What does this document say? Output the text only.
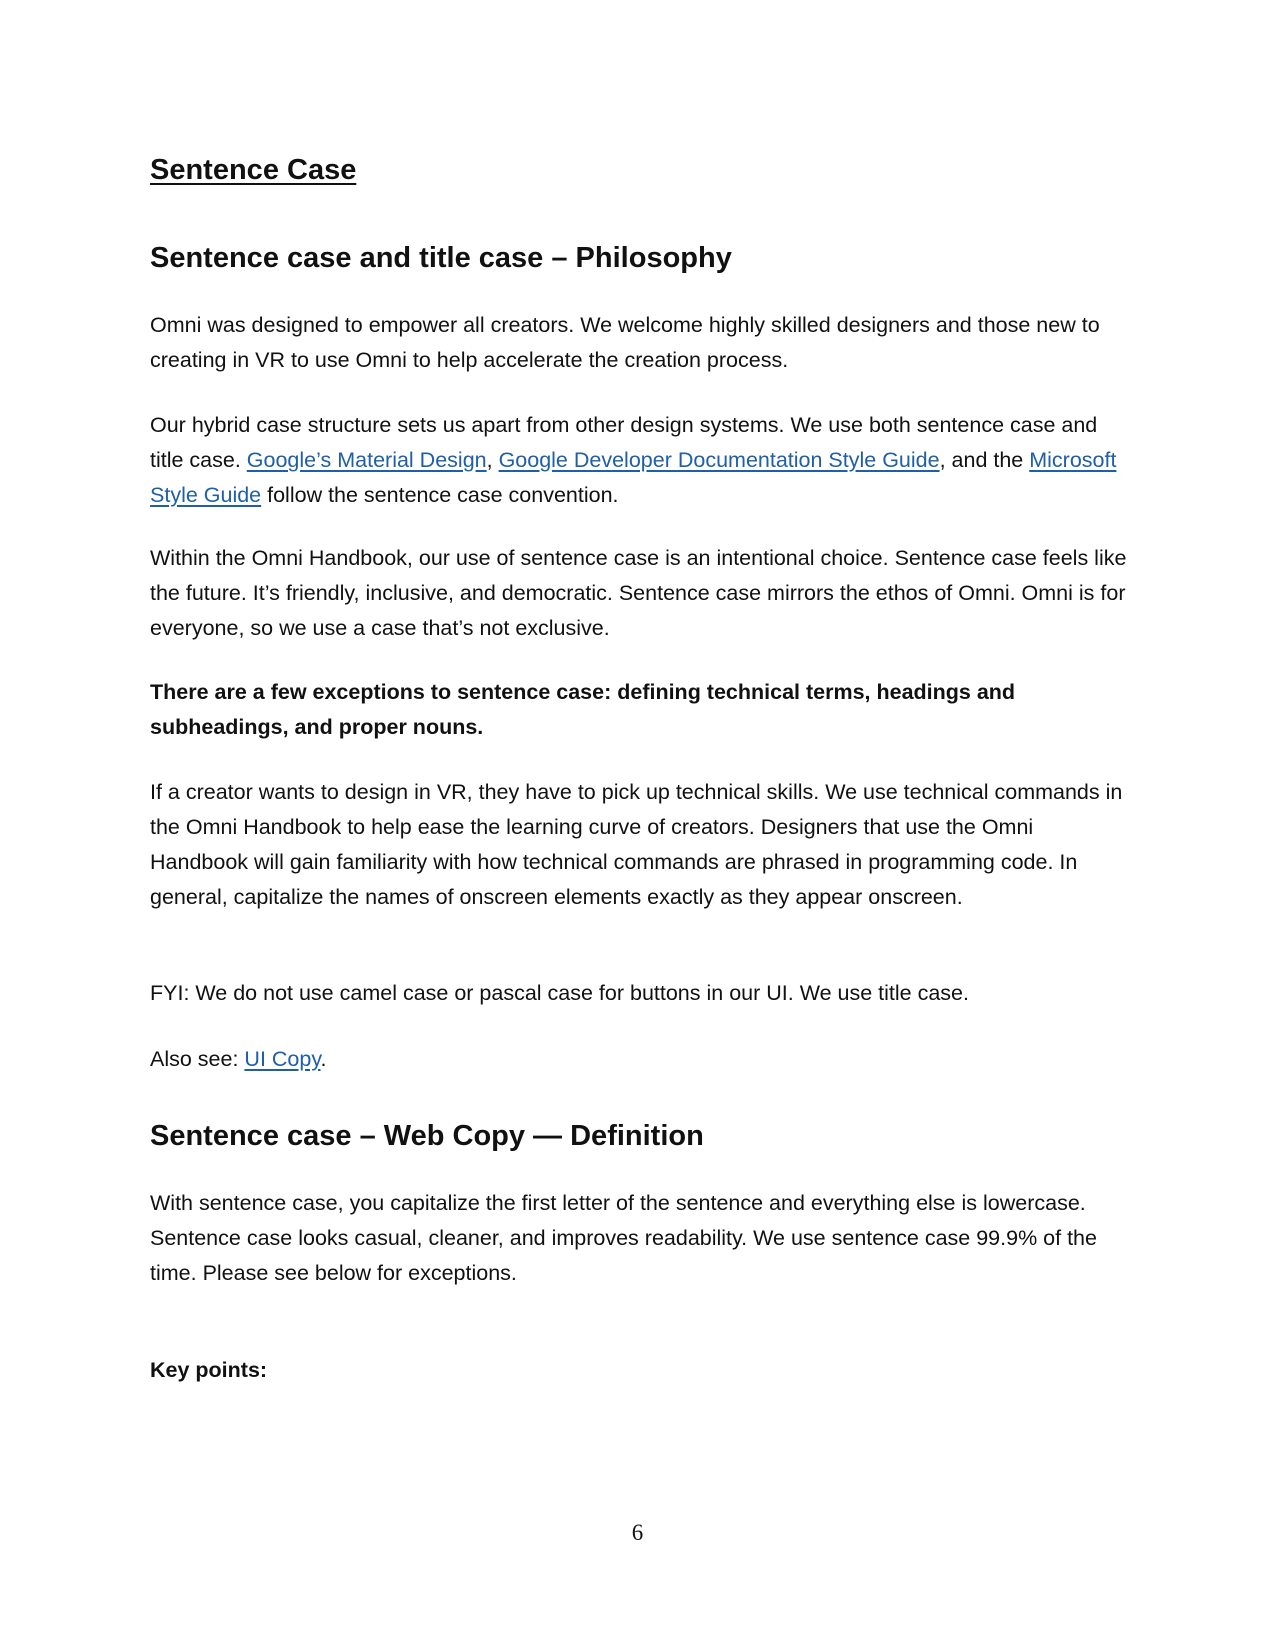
Sentence Case
Sentence case and title case – Philosophy

Omni was designed to empower all creators. We welcome highly skilled designers and those new to creating in VR to use Omni to help accelerate the creation process.

Our hybrid case structure sets us apart from other design systems. We use both sentence case and title case. Google’s Material Design, Google Developer Documentation Style Guide, and the Microsoft Style Guide follow the sentence case convention.

Within the Omni Handbook, our use of sentence case is an intentional choice. Sentence case feels like the future. It’s friendly, inclusive, and democratic. Sentence case mirrors the ethos of Omni. Omni is for everyone, so we use a case that’s not exclusive.

There are a few exceptions to sentence case: defining technical terms, headings and subheadings, and proper nouns.

If a creator wants to design in VR, they have to pick up technical skills. We use technical commands in the Omni Handbook to help ease the learning curve of creators. Designers that use the Omni Handbook will gain familiarity with how technical commands are phrased in programming code. In general, capitalize the names of onscreen elements exactly as they appear onscreen.

FYI: We do not use camel case or pascal case for buttons in our UI. We use title case.

Also see: UI Copy.

Sentence case – Web Copy — Definition

With sentence case, you capitalize the first letter of the sentence and everything else is lowercase. Sentence case looks casual, cleaner, and improves readability. We use sentence case 99.9% of the time. Please see below for exceptions.

Key points:

6
